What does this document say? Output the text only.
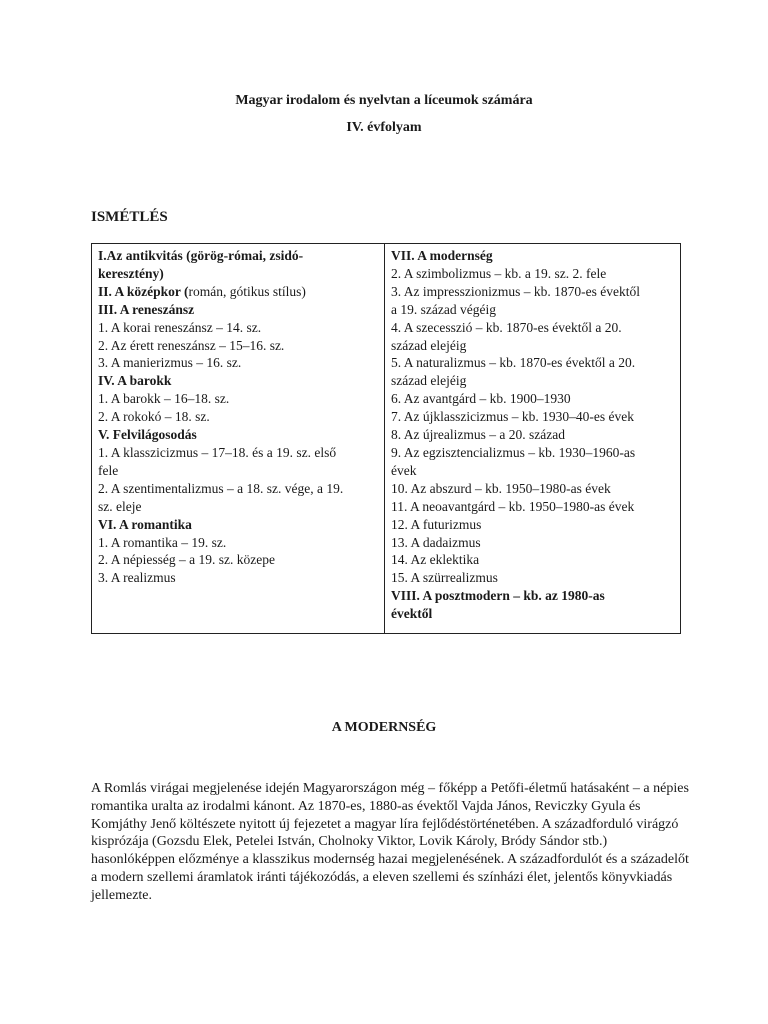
Magyar irodalom és nyelvtan a líceumok számára
IV. évfolyam
ISMÉTLÉS
I.Az antikvitás (görög-római, zsidó-
keresztény)
II. A középkor (román, gótikus stílus)
III. A reneszánsz
1. A korai reneszánsz – 14. sz.
2. Az érett reneszánsz – 15–16. sz.
3. A manierizmus – 16. sz.
IV. A barokk
1. A barokk – 16–18. sz.
2. A rokokó – 18. sz.
V. Felvilágosodás
1. A klasszicizmus – 17–18. és a 19. sz. első
fele
2. A szentimentalizmus – a 18. sz. vége, a 19.
sz. eleje
VI. A romantika
1. A romantika – 19. sz.
2. A népiesség – a 19. sz. közepe
3. A realizmus
VII. A modernség
2. A szimbolizmus – kb. a 19. sz. 2. fele
3. Az impresszionizmus – kb. 1870-es évektől
a 19. század végéig
4. A szecesszió – kb. 1870-es évektől a 20.
század elejéig
5. A naturalizmus – kb. 1870-es évektől a 20.
század elejéig
6. Az avantgárd – kb. 1900–1930
7. Az újklasszicizmus – kb. 1930–40-es évek
8. Az újrealizmus – a 20. század
9. Az egzisztencializmus – kb. 1930–1960-as
évek
10. Az abszurd – kb. 1950–1980-as évek
11. A neoavantgárd – kb. 1950–1980-as évek
12. A futurizmus
13. A dadaizmus
14. Az eklektika
15. A szürrealizmus
VIII. A posztmodern – kb. az 1980-as
évektől
A MODERNSÉG
A Romlás virágai megjelenése idején Magyarországon még – főképp a Petőfi-életmű hatásaként – a népies romantika uralta az irodalmi kánont. Az 1870-es, 1880-as évektől Vajda János, Reviczky Gyula és Komjáthy Jenő költészete nyitott új fejezetet a magyar líra fejlődéstörténetében. A századforduló virágzó kisprózája (Gozsdu Elek, Petelei István, Cholnoky Viktor, Lovik Károly, Bródy Sándor stb.) hasonlóképpen előzménye a klasszikus modernség hazai megjelenésének. A századfordulót és a századelőt a modern szellemi áramlatok iránti tájékozódás, a eleven szellemi és színházi élet, jelentős könyvkiadás jellemezte.
